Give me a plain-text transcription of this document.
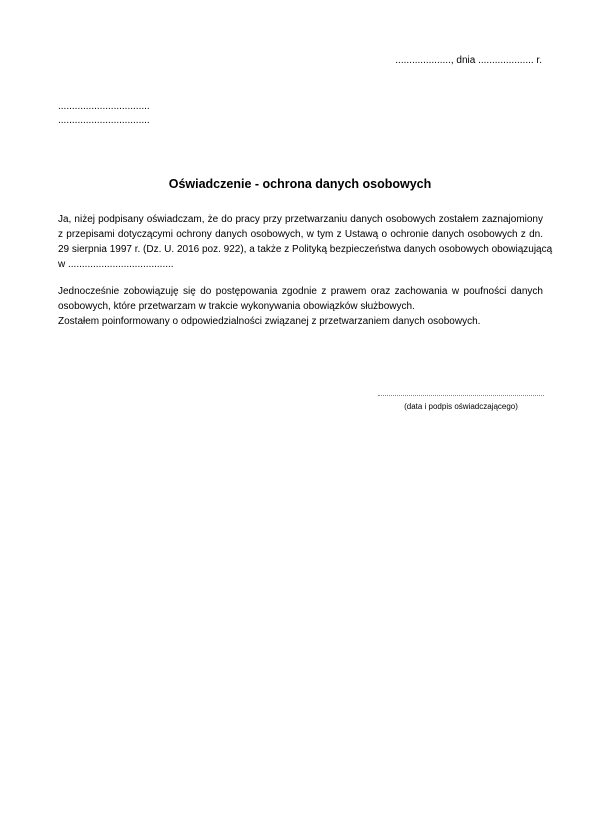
...................., dnia .................... r.
.................................
.................................
Oświadczenie - ochrona danych osobowych
Ja, niżej podpisany oświadczam, że do pracy przy przetwarzaniu danych osobowych zostałem zaznajomiony
z przepisami dotyczącymi ochrony danych osobowych, w tym z Ustawą o ochronie danych osobowych z dn.
29 sierpnia 1997 r. (Dz. U. 2016 poz. 922), a także z Polityką bezpieczeństwa danych osobowych obowiązującą
w ......................................
Jednocześnie zobowiązuję się do postępowania zgodnie z prawem oraz zachowania w poufności danych
osobowych, które przetwarzam w trakcie wykonywania obowiązków służbowych.
Zostałem poinformowany o odpowiedzialności związanej z przetwarzaniem danych osobowych.
(data i podpis oświadczającego)
